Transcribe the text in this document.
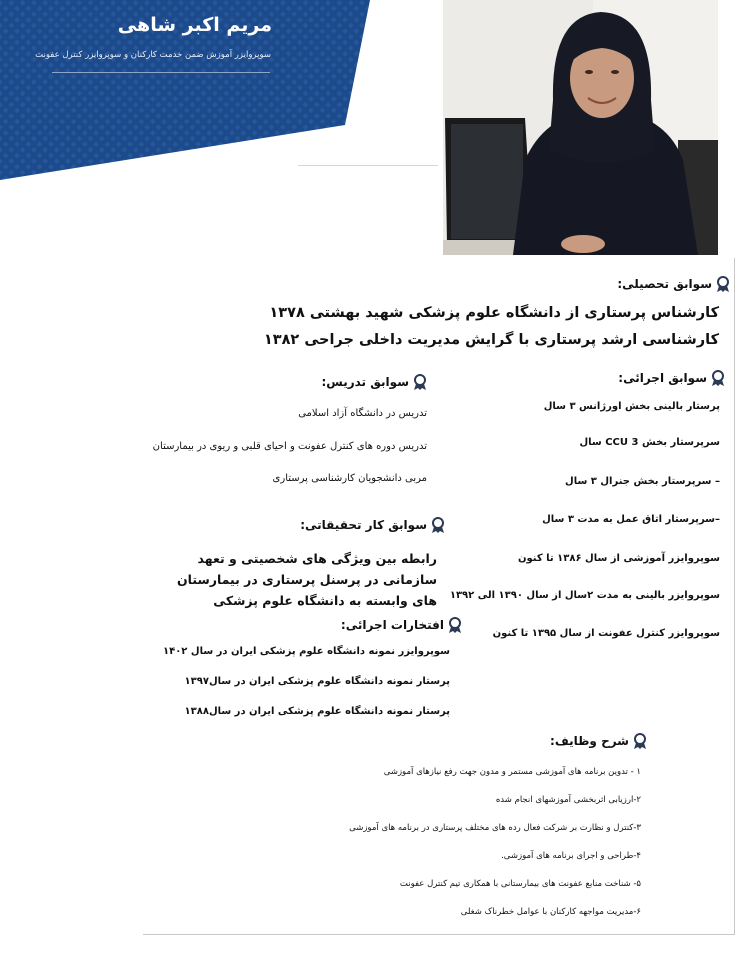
مریم اکبر شاهی
سوپروایزر آموزش ضمن خدمت کارکنان و سوپروایزر کنترل عفونت
سوابق تحصیلی:
کارشناس پرستاری از دانشگاه علوم پزشکی شهید بهشتی ۱۳۷۸
کارشناسی ارشد پرستاری با گرایش مدیریت داخلی جراحی ۱۳۸۲
سوابق تدریس:
تدریس در دانشگاه آزاد اسلامی
تدریس دوره های کنترل عفونت و احیای قلبی و ریوی در بیمارستان
مربی دانشجویان کارشناسی پرستاری
سوابق اجرائی:
پرستار بالینی بخش اورژانس ۳ سال
سرپرستار بخش CCU 3 سال
– سرپرستار بخش جنرال ۳ سال
–سرپرستار اتاق عمل به مدت ۳ سال
سوپروایزر آموزشی از سال ۱۳۸۶ تا کنون
سوپروایزر بالینی به مدت ۲سال از سال ۱۳۹۰ الی ۱۳۹۲
سوپروایزر کنترل عفونت از سال ۱۳۹۵ تا کنون
سوابق کار تحقیقاتی:
رابطه بین ویژگی های شخصیتی و تعهد سازمانی در پرسنل پرستاری در بیمارستان های وابسته به دانشگاه علوم پزشکی
افتخارات اجرائی:
سوپروایزر نمونه دانشگاه علوم پزشکی ایران در سال ۱۴۰۲
پرستار نمونه دانشگاه علوم پزشکی ایران در سال۱۳۹۷
پرستار نمونه دانشگاه علوم پزشکی ایران در سال۱۳۸۸
شرح وظایف:
۱ - تدوین برنامه های آموزشی مستمر و مدون جهت رفع نیازهای آموزشی
۲-ارزیابی اثربخشی آموزشهای انجام شده
۳-کنترل و نظارت بر شرکت فعال رده های مختلف پرستاری در برنامه های آموزشی
۴-طراحی و اجرای برنامه های آموزشی.
۵- شناخت منابع عفونت های بیمارستانی با همکاری تیم کنترل عفونت
۶-مدیریت مواجهه کارکنان با عوامل خطرناک شغلی
